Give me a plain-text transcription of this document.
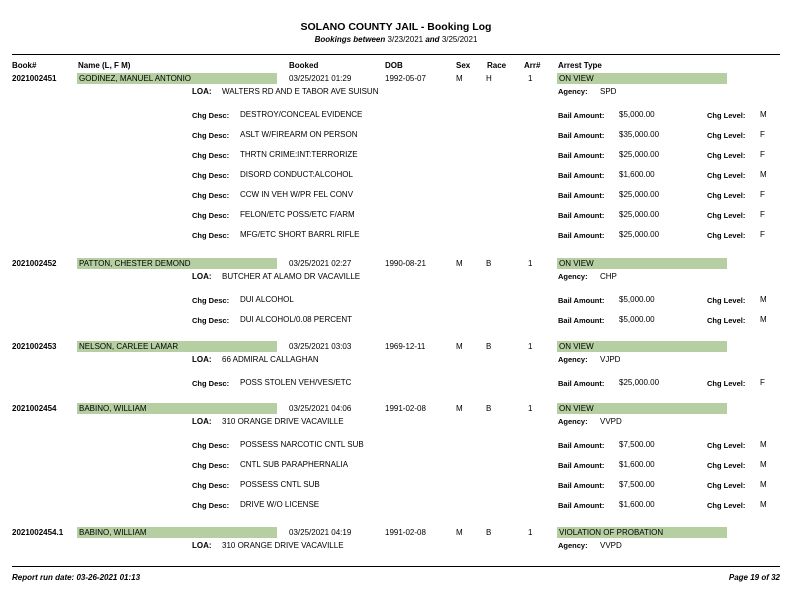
SOLANO COUNTY JAIL - Booking Log
Bookings between 3/23/2021 and 3/25/2021
Book#	Name (L, F M)	Booked	DOB	Sex Race Arr# Arrest Type
2021002451	GODINEZ, MANUEL ANTONIO	03/25/2021 01:29	1992-05-07	M	H	1	ON VIEW
LOA: WALTERS RD AND E TABOR AVE SUISUN	Agency: SPD
Chg Desc: DESTROY/CONCEAL EVIDENCE	Bail Amount: $5,000.00	Chg Level: M
Chg Desc: ASLT W/FIREARM ON PERSON	Bail Amount: $35,000.00	Chg Level: F
Chg Desc: THRTN CRIME:INT:TERRORIZE	Bail Amount: $25,000.00	Chg Level: F
Chg Desc: DISORD CONDUCT:ALCOHOL	Bail Amount: $1,600.00	Chg Level: M
Chg Desc: CCW IN VEH W/PR FEL CONV	Bail Amount: $25,000.00	Chg Level: F
Chg Desc: FELON/ETC POSS/ETC F/ARM	Bail Amount: $25,000.00	Chg Level: F
Chg Desc: MFG/ETC SHORT BARRL RIFLE	Bail Amount: $25,000.00	Chg Level: F
2021002452	PATTON, CHESTER DEMOND	03/25/2021 02:27	1990-08-21	M	B	1	ON VIEW
LOA: BUTCHER AT ALAMO DR VACAVILLE	Agency: CHP
Chg Desc: DUI ALCOHOL	Bail Amount: $5,000.00	Chg Level: M
Chg Desc: DUI ALCOHOL/0.08 PERCENT	Bail Amount: $5,000.00	Chg Level: M
2021002453	NELSON, CARLEE LAMAR	03/25/2021 03:03	1969-12-11	M	B	1	ON VIEW
LOA: 66 ADMIRAL CALLAGHAN	Agency: VJPD
Chg Desc: POSS STOLEN VEH/VES/ETC	Bail Amount: $25,000.00	Chg Level: F
2021002454	BABINO, WILLIAM	03/25/2021 04:06	1991-02-08	M	B	1	ON VIEW
LOA: 310 ORANGE DRIVE VACAVILLE	Agency: VVPD
Chg Desc: POSSESS NARCOTIC CNTL SUB	Bail Amount: $7,500.00	Chg Level: M
Chg Desc: CNTL SUB PARAPHERNALIA	Bail Amount: $1,600.00	Chg Level: M
Chg Desc: POSSESS CNTL SUB	Bail Amount: $7,500.00	Chg Level: M
Chg Desc: DRIVE W/O LICENSE	Bail Amount: $1,600.00	Chg Level: M
2021002454.1 BABINO, WILLIAM	03/25/2021 04:19	1991-02-08	M	B	1	VIOLATION OF PROBATION
LOA: 310 ORANGE DRIVE VACAVILLE	Agency: VVPD
Report run date: 03-26-2021 01:13	Page 19 of 32
